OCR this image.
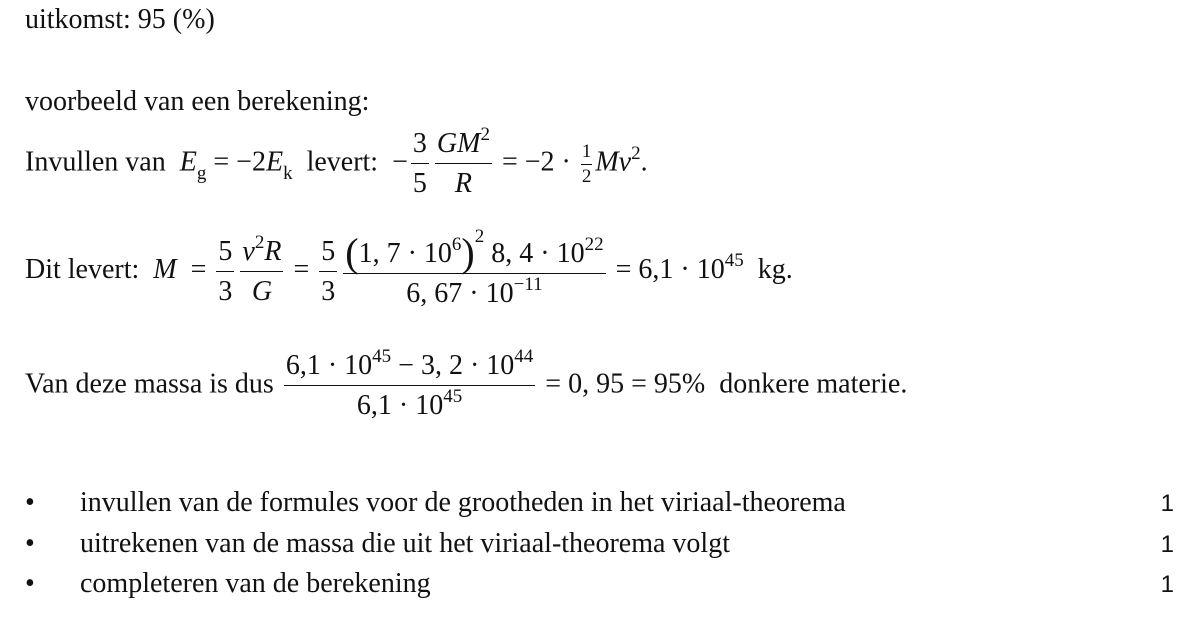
uitkomst: 95 (%)
voorbeeld van een berekening:
Invullen van  $E_g = -2E_k$ levert:  − $\frac{3}{5} \frac{GM^2}{R} = -2 \cdot \frac{1}{2} Mv^2$.
Dit levert: $M = \frac{5}{3} \frac{v^2R}{G} = \frac{5}{3} \frac{(1, 7 \cdot 10^6)^2 8, 4 \cdot 10^{22}}{6, 67 \cdot 10^{-11}} = 6,1 \cdot 10^{45}$ kg.
Van deze massa is dus $\frac{6,1 \cdot 10^{45} - 3, 2 \cdot 10^{44}}{6,1 \cdot 10^{45}} = 0$, 95 = 95% donkere materie.
• invullen van de formules voor de grootheden in het viriaal-theorema	1
• uitrekenen van de massa die uit het viriaal-theorema volgt	1
• completeren van de berekening	1
